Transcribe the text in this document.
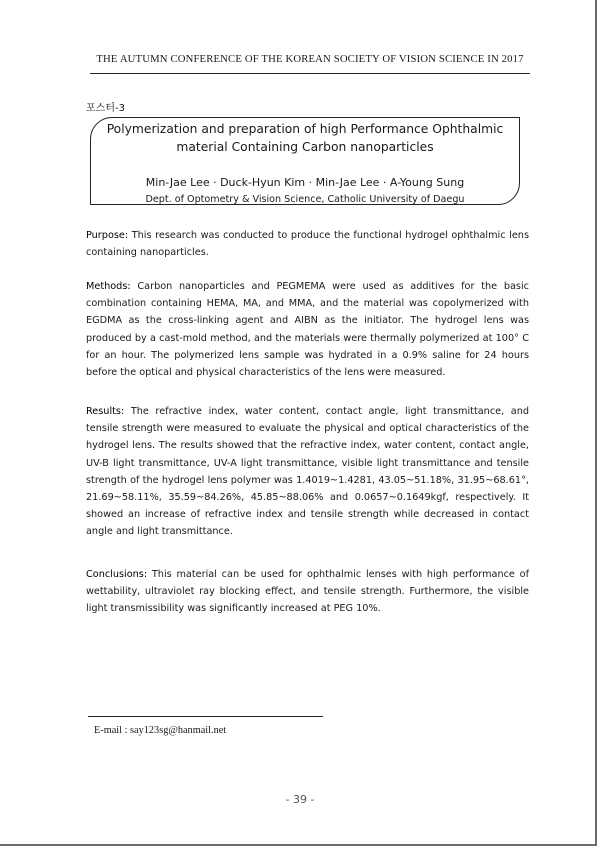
THE AUTUMN CONFERENCE OF THE KOREAN SOCIETY OF VISION SCIENCE IN 2017
포스터-3
Polymerization and preparation of high Performance Ophthalmic
material Containing Carbon nanoparticles
Min-Jae Lee · Duck-Hyun Kim · Min-Jae Lee · A-Young Sung
Dept. of Optometry & Vision Science, Catholic University of Daegu
Purpose: This research was conducted to produce the functional hydrogel ophthalmic lens containing nanoparticles.
Methods: Carbon nanoparticles and PEGMEMA were used as additives for the basic combination containing HEMA, MA, and MMA, and the material was copolymerized with EGDMA as the cross-linking agent and AIBN as the initiator. The hydrogel lens was produced by a cast-mold method, and the materials were thermally polymerized at 100° C for an hour. The polymerized lens sample was hydrated in a 0.9% saline for 24 hours before the optical and physical characteristics of the lens were measured.
Results: The refractive index, water content, contact angle, light transmittance, and tensile strength were measured to evaluate the physical and optical characteristics of the hydrogel lens. The results showed that the refractive index, water content, contact angle, UV-B light transmittance, UV-A light transmittance, visible light transmittance and tensile strength of the hydrogel lens polymer was 1.4019~1.4281, 43.05~51.18%, 31.95~68.61°, 21.69~58.11%, 35.59~84.26%, 45.85~88.06% and 0.0657~0.1649kgf, respectively. It showed an increase of refractive index and tensile strength while decreased in contact angle and light transmittance.
Conclusions: This material can be used for ophthalmic lenses with high performance of wettability, ultraviolet ray blocking effect, and tensile strength. Furthermore, the visible light transmissibility was significantly increased at PEG 10%.
E-mail : say123sg@hanmail.net
- 39 -
